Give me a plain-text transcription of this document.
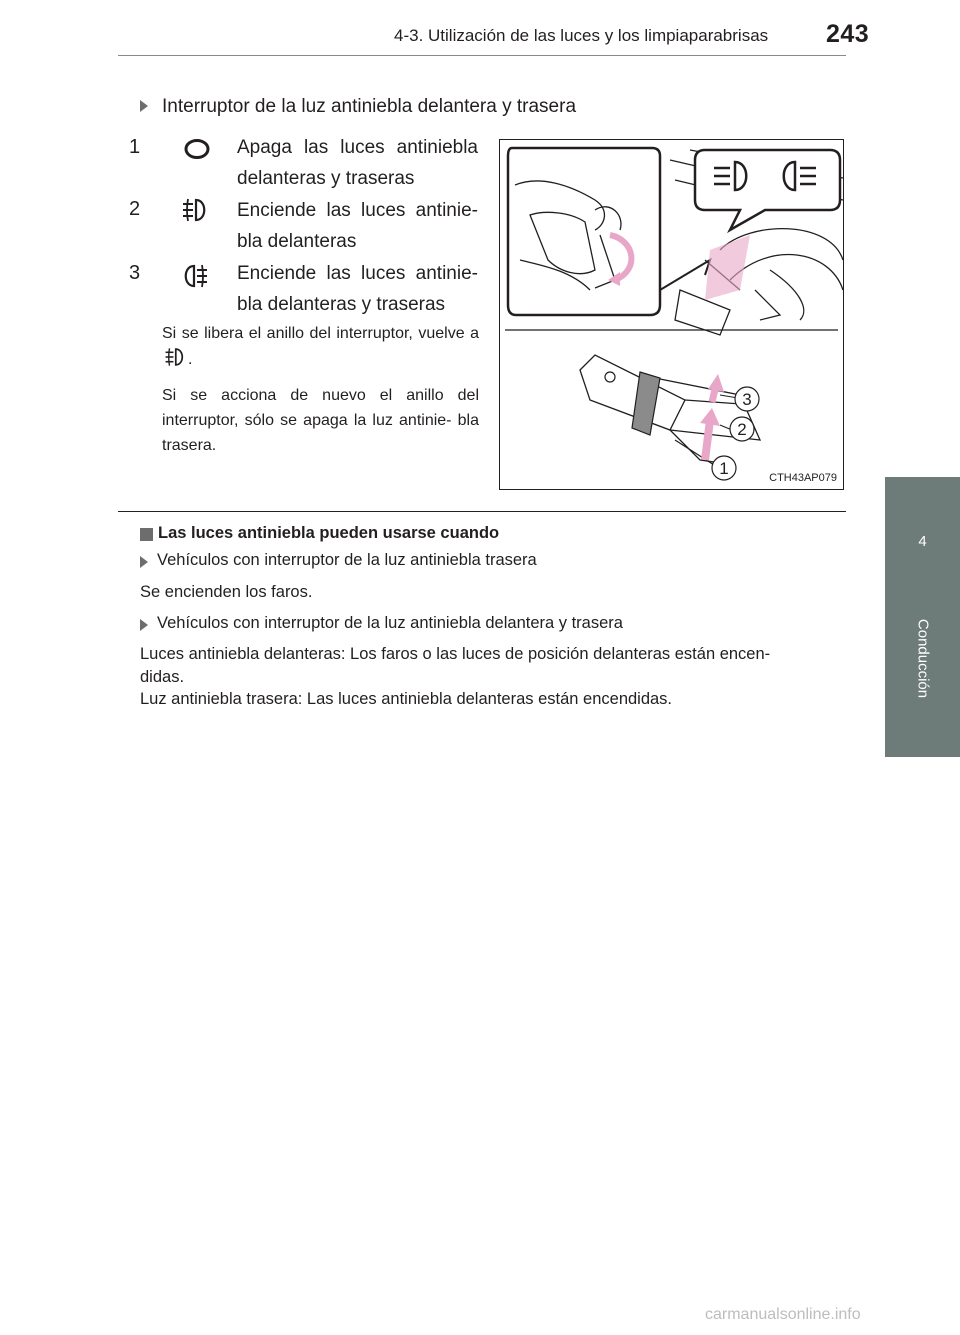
4-3. Utilización de las luces y los limpiaparabrisas 243
4
Conducción
Interruptor de la luz antiniebla delantera y trasera
1	Apaga las luces antiniebla delanteras y traseras
2	Enciende las luces antinie- bla delanteras
3	Enciende las luces antinie- bla delanteras y traseras
Si se libera el anillo del interruptor, vuelve a .
Si se acciona de nuevo el anillo del interruptor, sólo se apaga la luz antinie- bla trasera.
1
2
3
CTH43AP079
Las luces antiniebla pueden usarse cuando
Vehículos con interruptor de la luz antiniebla trasera
Se encienden los faros.
Vehículos con interruptor de la luz antiniebla delantera y trasera
Luces antiniebla delanteras: Los faros o las luces de posición delanteras están encen-
didas.
Luz antiniebla trasera: Las luces antiniebla delanteras están encendidas.
carmanualsonline.info
